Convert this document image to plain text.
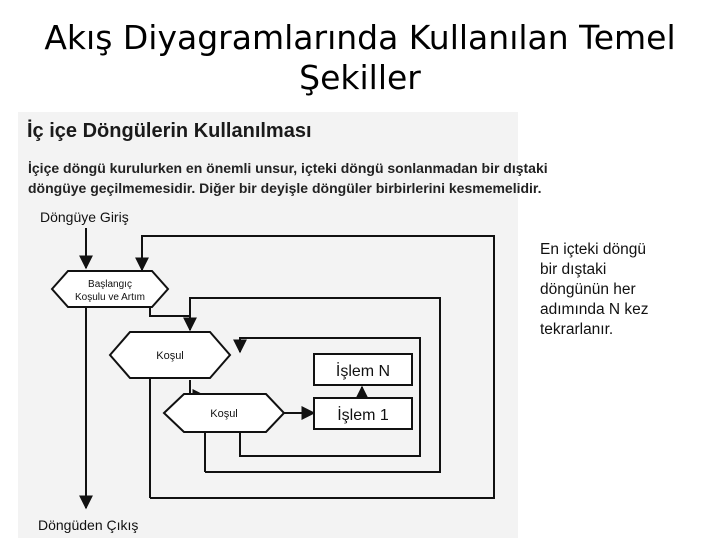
Akış Diyagramlarında Kullanılan Temel
Şekiller
İç içe Döngülerin Kullanılması
İçiçe döngü kurulurken en önemli unsur, içteki döngü sonlanmadan bir dıştaki
döngüye geçilmemesidir. Diğer bir deyişle döngüler birbirlerini kesmemelidir.
Döngüye Giriş
Döngüden Çıkış
Başlangıç
Koşulu ve Artım
Koşul
Koşul
İşlem N
İşlem 1
En içteki döngü
bir dıştaki
döngünün her
adımında N kez
tekrarlanır.
